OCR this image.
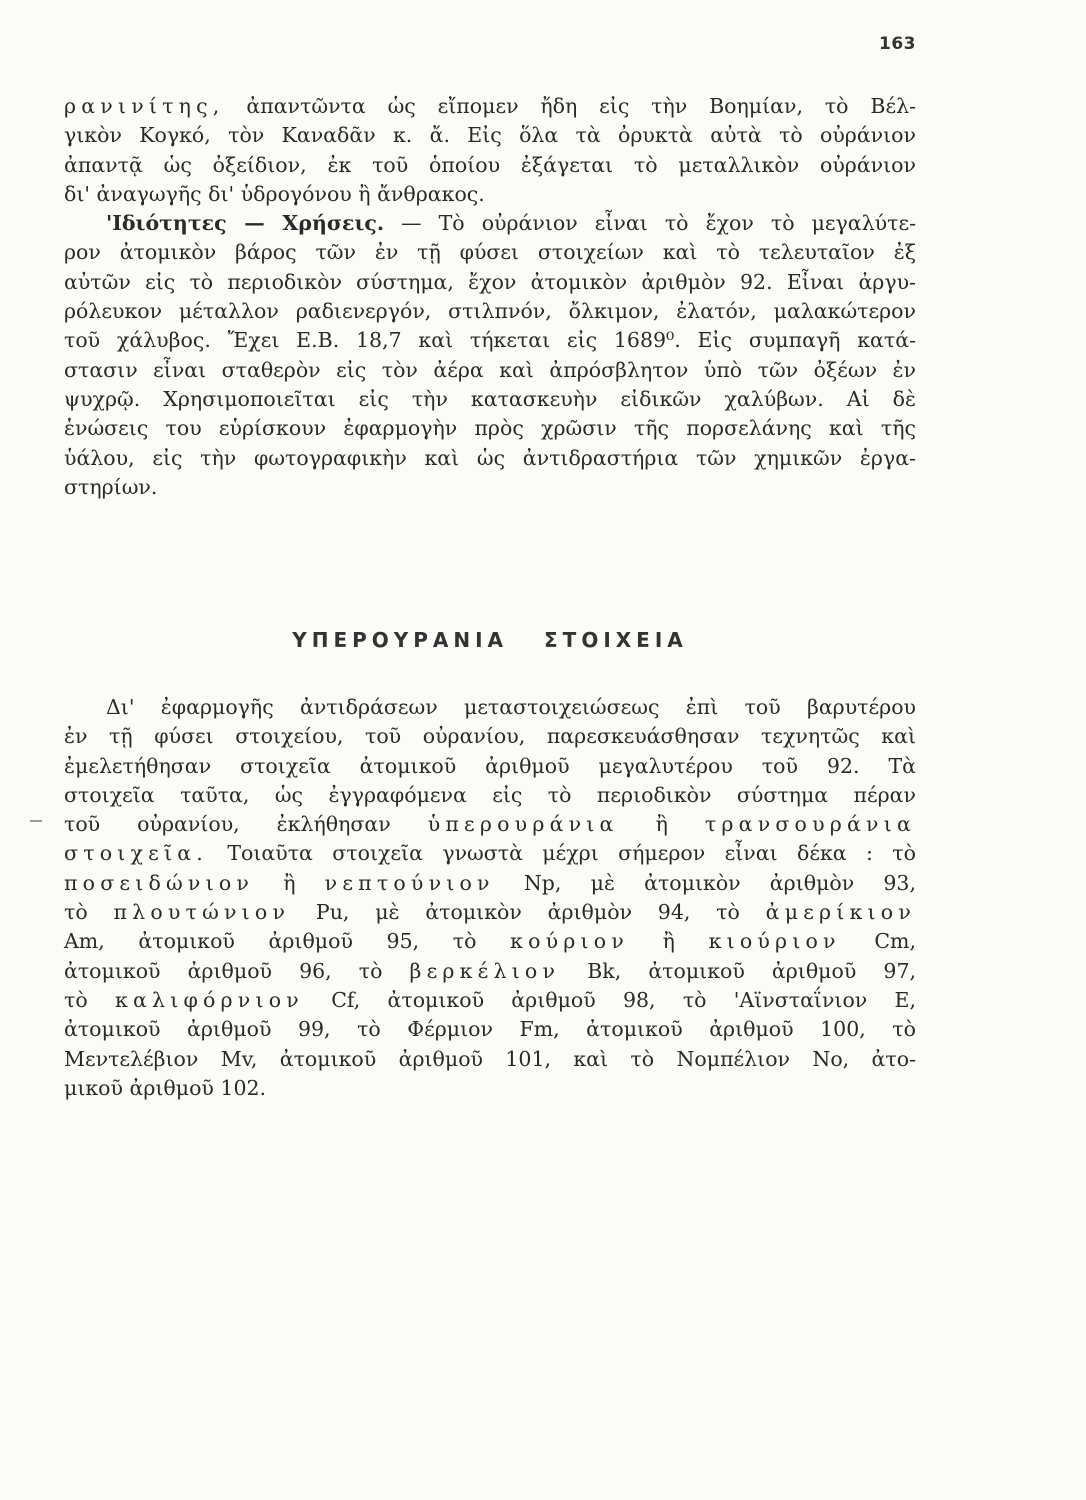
163
ρανινίτης, ἀπαντῶντα ὡς εἴπομεν ἤδη εἰς τὴν Βοημίαν, τὸ Βέλ-
γικὸν Κογκό, τὸν Καναδᾶν κ. ἄ. Εἰς ὅλα τὰ ὀρυκτὰ αὐτὰ τὸ οὐράνιον
ἀπαντᾷ ὡς ὀξείδιον, ἐκ τοῦ ὁποίου ἐξάγεται τὸ μεταλλικὸν οὐράνιον
δι' ἀναγωγῆς δι' ὑδρογόνου ἢ ἄνθρακος.
'Ιδιότητες — Χρήσεις. — Τὸ οὐράνιον εἶναι τὸ ἔχον τὸ μεγαλύτε-
ρον ἀτομικὸν βάρος τῶν ἐν τῇ φύσει στοιχείων καὶ τὸ τελευταῖον ἐξ
αὐτῶν εἰς τὸ περιοδικὸν σύστημα, ἔχον ἀτομικὸν ἀριθμὸν 92. Εἶναι ἀργυ-
ρόλευκον μέταλλον ραδιενεργόν, στιλπνόν, ὄλκιμον, ἐλατόν, μαλακώτερον
τοῦ χάλυβος. Ἔχει Ε.Β. 18,7 καὶ τήκεται εἰς 1689⁰. Εἰς συμπαγῆ κατά-
στασιν εἶναι σταθερὸν εἰς τὸν ἀέρα καὶ ἀπρόσβλητον ὑπὸ τῶν ὀξέων ἐν
ψυχρῷ. Χρησιμοποιεῖται εἰς τὴν κατασκευὴν εἰδικῶν χαλύβων. Αἱ δὲ
ἑνώσεις του εὑρίσκουν ἐφαρμογὴν πρὸς χρῶσιν τῆς πορσελάνης καὶ τῆς
ὑάλου, εἰς τὴν φωτογραφικὴν καὶ ὡς ἀντιδραστήρια τῶν χημικῶν ἐργα-
στηρίων.
ΥΠΕΡΟΥΡΑΝΙΑ ΣΤΟΙΧΕΙΑ
Δι' ἐφαρμογῆς ἀντιδράσεων μεταστοιχειώσεως ἐπὶ τοῦ βαρυτέρου
ἐν τῇ φύσει στοιχείου, τοῦ οὐρανίου, παρεσκευάσθησαν τεχνητῶς καὶ
ἐμελετήθησαν στοιχεῖα ἀτομικοῦ ἀριθμοῦ μεγαλυτέρου τοῦ 92. Τὰ
στοιχεῖα ταῦτα, ὡς ἐγγραφόμενα εἰς τὸ περιοδικὸν σύστημα πέραν
τοῦ οὐρανίου, ἐκλήθησαν ὑπερουράνια ἢ τρανσουράνια
στοιχεῖα. Τοιαῦτα στοιχεῖα γνωστὰ μέχρι σήμερον εἶναι δέκα : τὸ
ποσειδώνιον ἢ νεπτούνιον Np, μὲ ἀτομικὸν ἀριθμὸν 93,
τὸ πλουτώνιον Pu, μὲ ἀτομικὸν ἀριθμὸν 94, τὸ ἀμερίκιον
Am, ἀτομικοῦ ἀριθμοῦ 95, τὸ κούριον ἢ κιούριον Cm,
ἀτομικοῦ ἀριθμοῦ 96, τὸ βερκέλιον Bk, ἀτομικοῦ ἀριθμοῦ 97,
τὸ καλιφόρνιον Cf, ἀτομικοῦ ἀριθμοῦ 98, τὸ 'Αϊνσταΐνιον Ε,
ἀτομικοῦ ἀριθμοῦ 99, τὸ Φέρμιον Fm, ἀτομικοῦ ἀριθμοῦ 100, τὸ
Μεντελέβιον Mv, ἀτομικοῦ ἀριθμοῦ 101, καὶ τὸ Νομπέλιον No, ἀτο-
μικοῦ ἀριθμοῦ 102.
